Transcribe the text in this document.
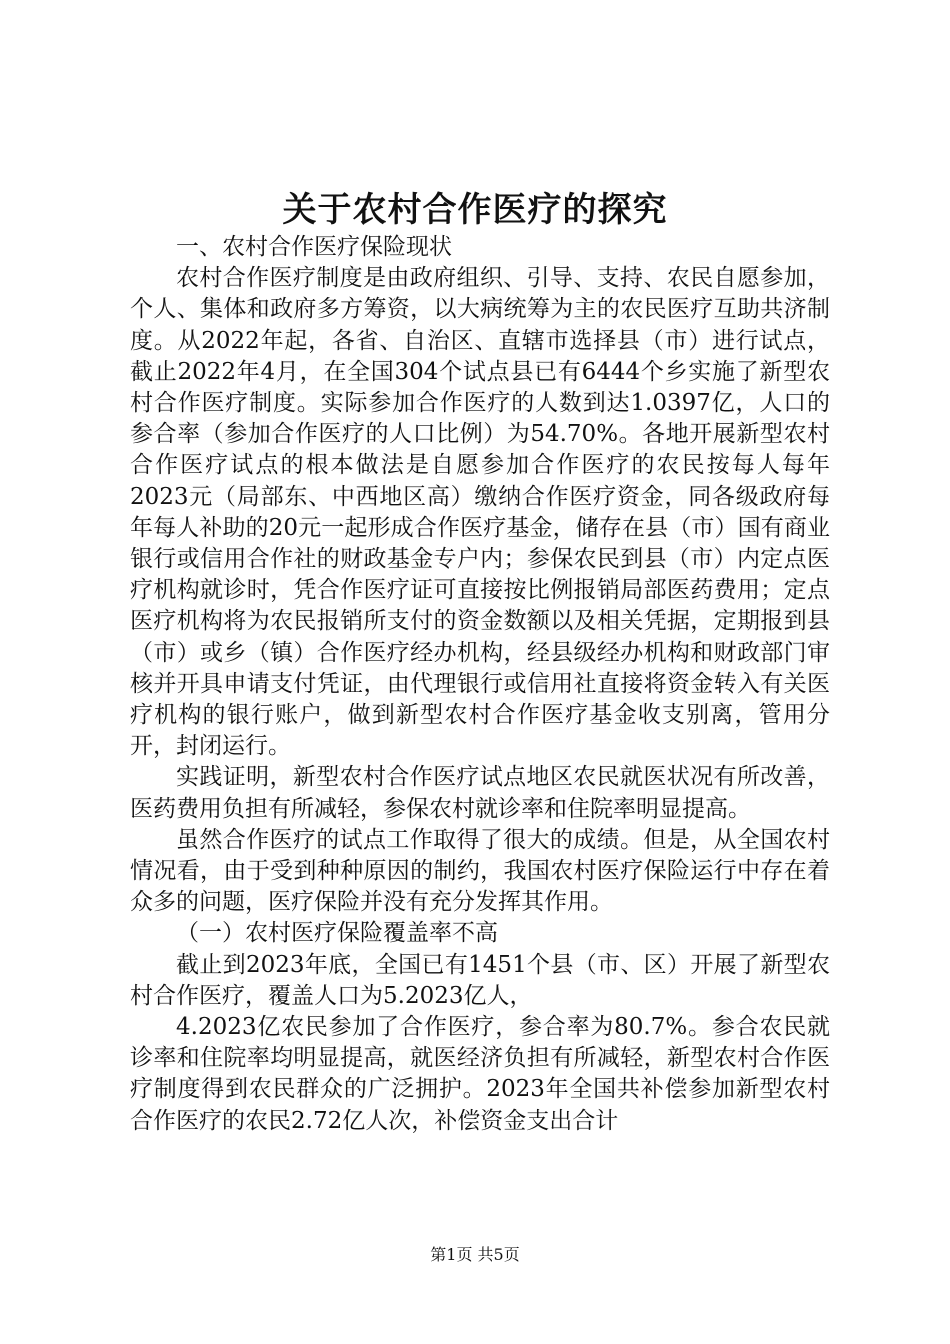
关于农村合作医疗的探究

一、农村合作医疗保险现状

农村合作医疗制度是由政府组织、引导、支持、农民自愿参加，个人、集体和政府多方筹资，以大病统筹为主的农民医疗互助共济制度。从2022年起，各省、自治区、直辖市选择县（市）进行试点，截止2022年4月，在全国304个试点县已有6444个乡实施了新型农村合作医疗制度。实际参加合作医疗的人数到达1.0397亿，人口的参合率（参加合作医疗的人口比例）为54.70%。各地开展新型农村合作医疗试点的根本做法是自愿参加合作医疗的农民按每人每年2023元（局部东、中西地区高）缴纳合作医疗资金，同各级政府每年每人补助的20元一起形成合作医疗基金，储存在县（市）国有商业银行或信用合作社的财政基金专户内；参保农民到县（市）内定点医疗机构就诊时，凭合作医疗证可直接按比例报销局部医药费用；定点医疗机构将为农民报销所支付的资金数额以及相关凭据，定期报到县（市）或乡（镇）合作医疗经办机构，经县级经办机构和财政部门审核并开具申请支付凭证，由代理银行或信用社直接将资金转入有关医疗机构的银行账户，做到新型农村合作医疗基金收支别离，管用分开，封闭运行。

实践证明，新型农村合作医疗试点地区农民就医状况有所改善，医药费用负担有所减轻，参保农村就诊率和住院率明显提高。

虽然合作医疗的试点工作取得了很大的成绩。但是，从全国农村情况看，由于受到种种原因的制约，我国农村医疗保险运行中存在着众多的问题，医疗保险并没有充分发挥其作用。

（一）农村医疗保险覆盖率不高

截止到2023年底，全国已有1451个县（市、区）开展了新型农村合作医疗，覆盖人口为5.2023亿人，

4.2023亿农民参加了合作医疗，参合率为80.7%。参合农民就诊率和住院率均明显提高，就医经济负担有所减轻，新型农村合作医疗制度得到农民群众的广泛拥护。2023年全国共补偿参加新型农村合作医疗的农民2.72亿人次，补偿资金支出合计

第1页 共5页
